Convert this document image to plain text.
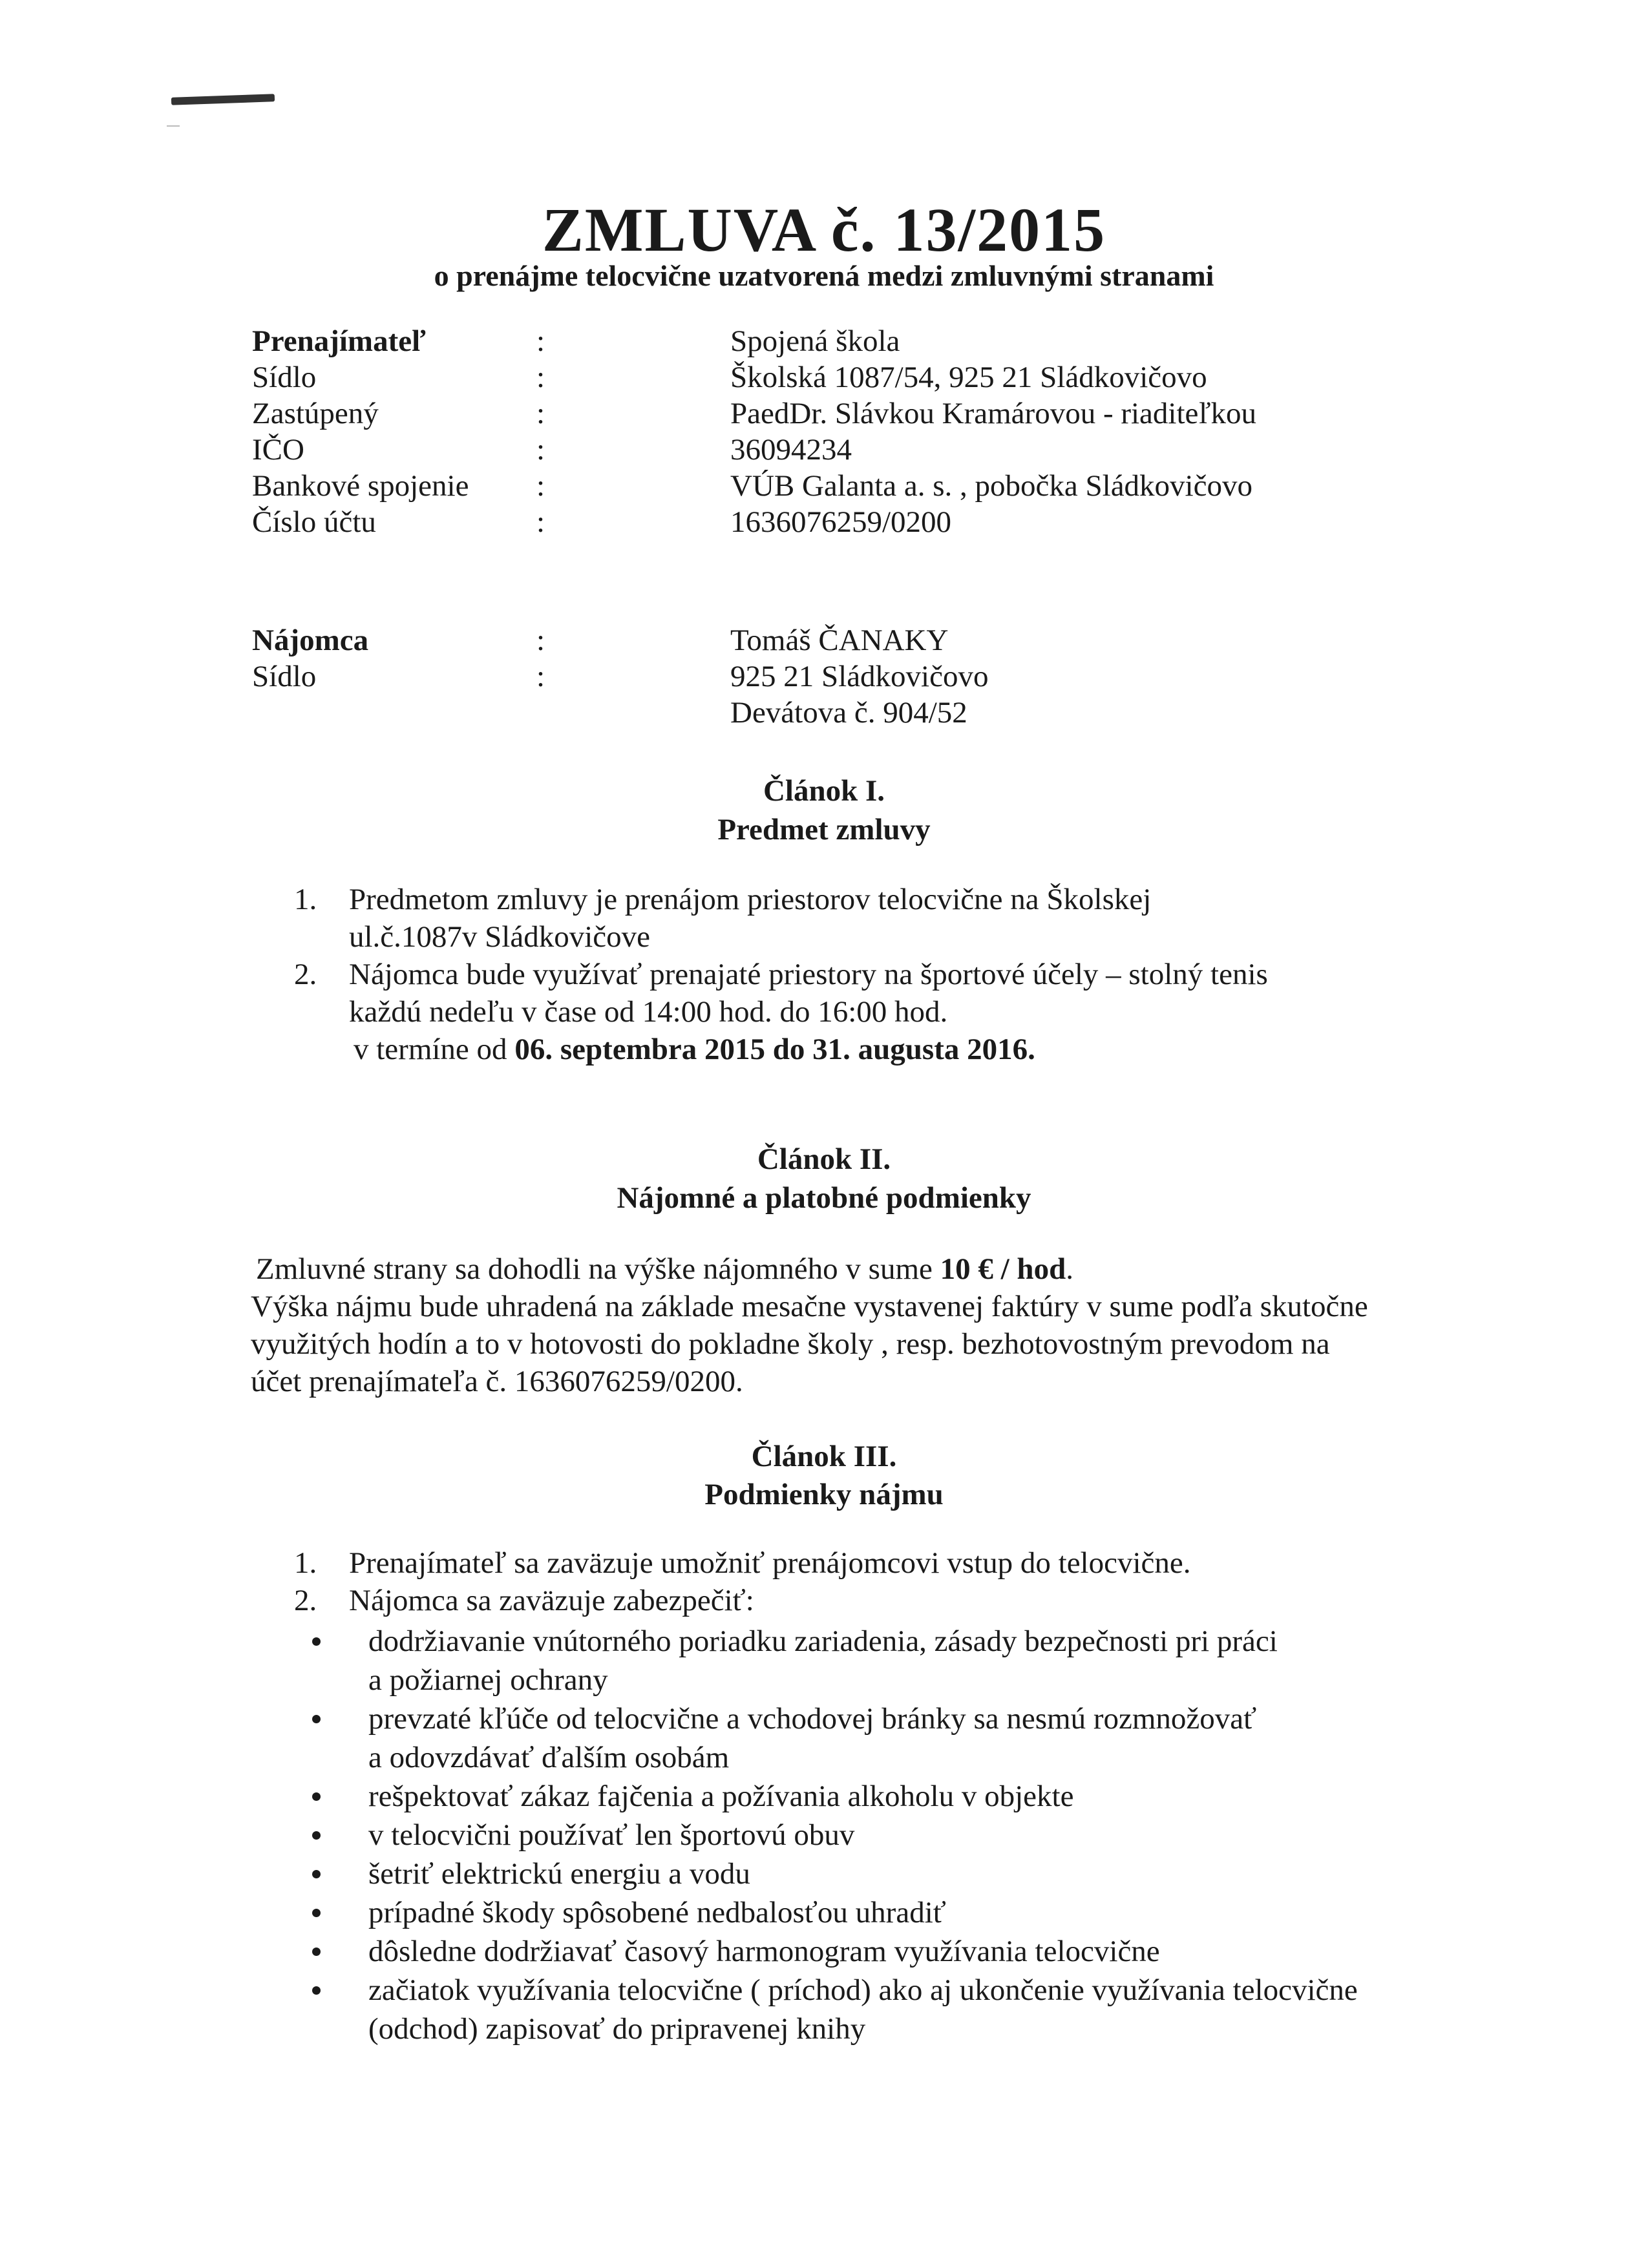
ZMLUVA č. 13/2015
o prenájme telocvične uzatvorená medzi zmluvnými stranami
Prenajímateľ	:	Spojená škola
Sídlo	:	Školská 1087/54, 925 21 Sládkovičovo
Zastúpený	:	PaedDr. Slávkou Kramárovou - riaditeľkou
IČO	:	36094234
Bankové spojenie	:	VÚB Galanta a. s. , pobočka Sládkovičovo
Číslo účtu	:	1636076259/0200
Nájomca	:	Tomáš ČANAKY
Sídlo	:	925 21 Sládkovičovo
Devátova č. 904/52
Článok I.
Predmet zmluvy
1. Predmetom zmluvy je prenájom priestorov telocvične na Školskej
ul.č.1087v Sládkovičove
2. Nájomca bude využívať prenajaté priestory na športové účely – stolný tenis
každú nedeľu v čase od 14:00 hod. do 16:00 hod.
v termíne od 06. septembra 2015 do 31. augusta 2016.
Článok II.
Nájomné a platobné podmienky
Zmluvné strany sa dohodli na výške nájomného v sume 10 € / hod.
Výška nájmu bude uhradená na základe mesačne vystavenej faktúry v sume podľa skutočne
využitých hodín a to v hotovosti do pokladne školy , resp. bezhotovostným prevodom na
účet prenajímateľa č. 1636076259/0200.
Článok III.
Podmienky nájmu
1. Prenajímateľ sa zaväzuje umožniť prenájomcovi vstup do telocvične.
2. Nájomca sa zaväzuje zabezpečiť:
dodržiavanie vnútorného poriadku zariadenia, zásady bezpečnosti pri práci
a požiarnej ochrany
prevzaté kľúče od telocvične a vchodovej bránky sa nesmú rozmnožovať
a odovzdávať ďalším osobám
rešpektovať zákaz fajčenia a požívania alkoholu v objekte
v telocvični používať len športovú obuv
šetriť elektrickú energiu a vodu
prípadné škody spôsobené nedbalosťou uhradiť
dôsledne dodržiavať časový harmonogram využívania telocvične
začiatok využívania telocvične ( príchod) ako aj ukončenie využívania telocvične
(odchod) zapisovať do pripravenej knihy
